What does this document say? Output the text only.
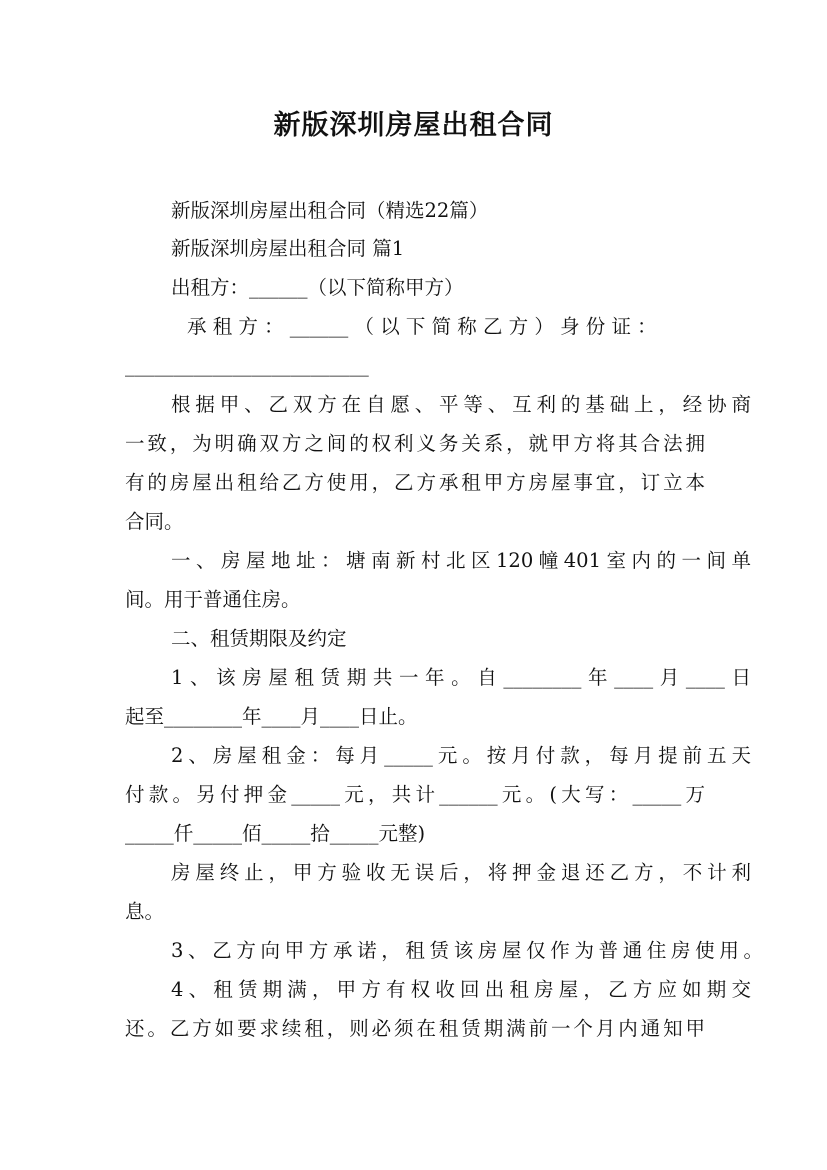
新版深圳房屋出租合同
新版深圳房屋出租合同（精选22篇）
新版深圳房屋出租合同 篇1
出租方：______（以下简称甲方）
承 租 方 ： ______ （ 以 下 简 称 乙 方 ） 身 份 证 ：
_________________________
根据甲、乙双方在自愿、平等、互利的基础上，经协商
一致，为明确双方之间的权利义务关系，就甲方将其合法拥
有的房屋出租给乙方使用，乙方承租甲方房屋事宜，订立本
合同。
一、房屋地址：塘南新村北区120幢401室内的一间单
间。用于普通住房。
二、租赁期限及约定
1、该房屋租赁期共一年。自________年____月____日
起至________年____月____日止。
2、房屋租金：每月_____元。按月付款，每月提前五天
付款。另付押金_____元，共计______元。(大写：_____万
_____仟_____佰_____拾_____元整)
房屋终止，甲方验收无误后，将押金退还乙方，不计利
息。
3、乙方向甲方承诺，租赁该房屋仅作为普通住房使用。
4、租赁期满，甲方有权收回出租房屋，乙方应如期交
还。乙方如要求续租，则必须在租赁期满前一个月内通知甲
